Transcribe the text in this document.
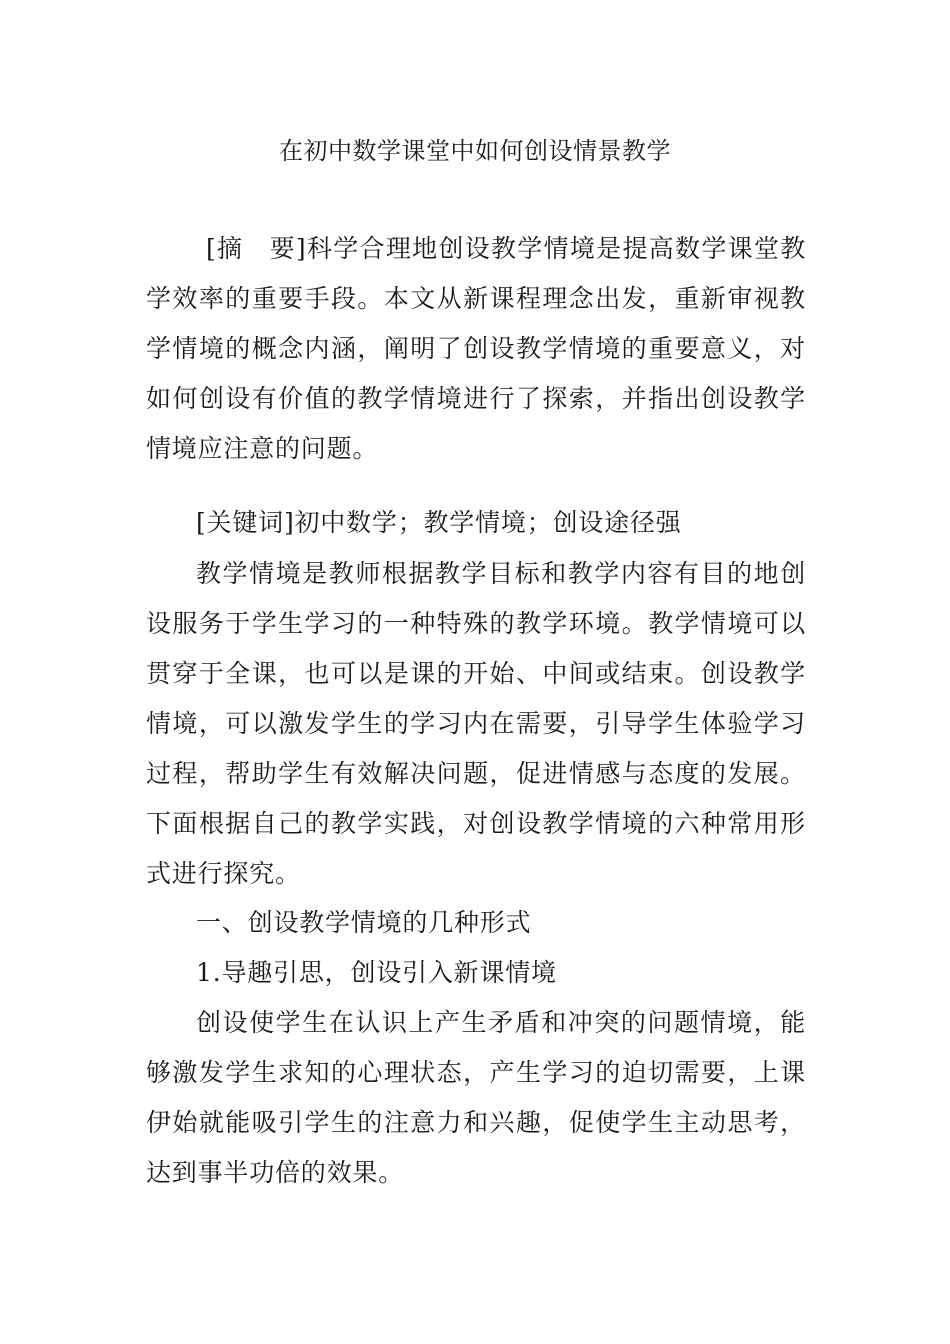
在初中数学课堂中如何创设情景教学
[摘　要]科学合理地创设教学情境是提高数学课堂教学效率的重要手段。本文从新课程理念出发，重新审视教学情境的概念内涵，阐明了创设教学情境的重要意义，对如何创设有价值的教学情境进行了探索，并指出创设教学情境应注意的问题。
[关键词]初中数学；教学情境；创设途径强
教学情境是教师根据教学目标和教学内容有目的地创设服务于学生学习的一种特殊的教学环境。教学情境可以贯穿于全课，也可以是课的开始、中间或结束。创设教学情境，可以激发学生的学习内在需要，引导学生体验学习过程，帮助学生有效解决问题，促进情感与态度的发展。下面根据自己的教学实践，对创设教学情境的六种常用形式进行探究。
一、创设教学情境的几种形式
1.导趣引思，创设引入新课情境
创设使学生在认识上产生矛盾和冲突的问题情境，能够激发学生求知的心理状态，产生学习的迫切需要，上课伊始就能吸引学生的注意力和兴趣，促使学生主动思考，达到事半功倍的效果。
